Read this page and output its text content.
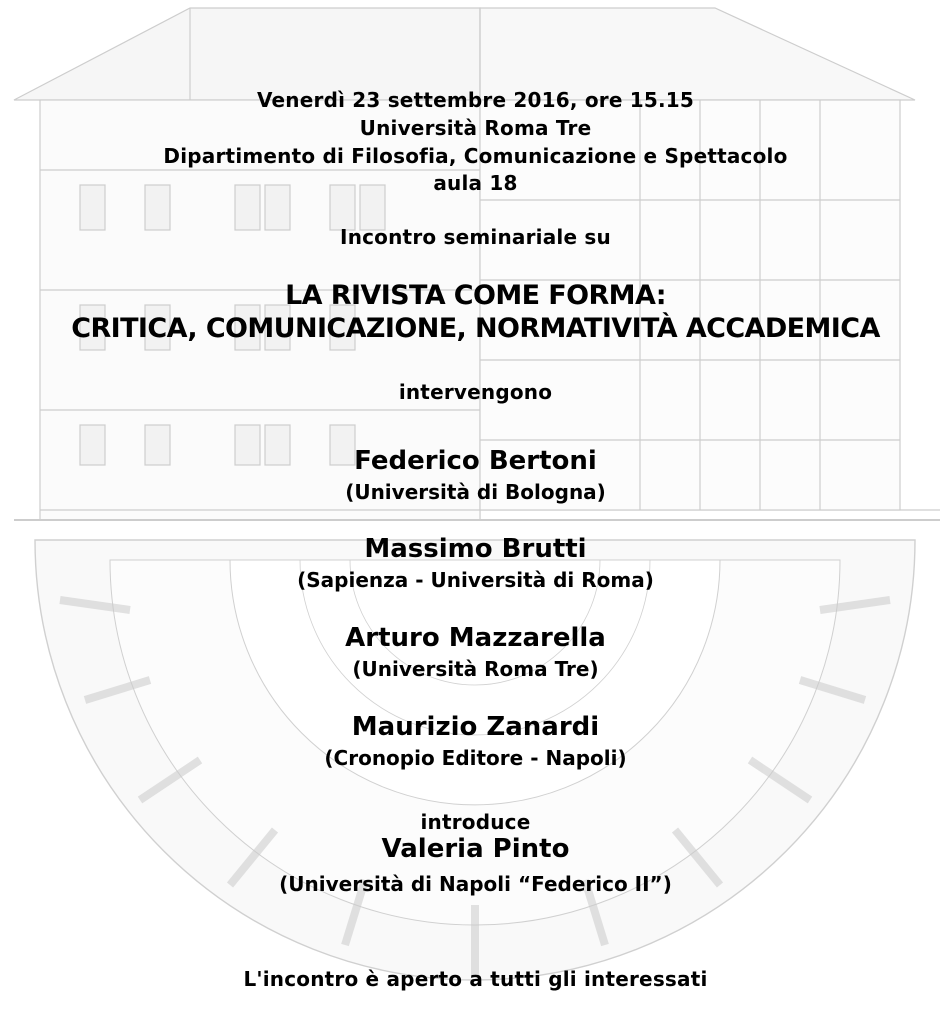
Venerdì 23 settembre 2016, ore 15.15
Università Roma Tre
Dipartimento di Filosofia, Comunicazione e Spettacolo
aula 18
Incontro seminariale su
LA RIVISTA COME FORMA:
CRITICA, COMUNICAZIONE, NORMATIVITÀ ACCADEMICA
intervengono
Federico Bertoni
(Università di Bologna)
Massimo Brutti
(Sapienza - Università di Roma)
Arturo Mazzarella
(Università Roma Tre)
Maurizio Zanardi
(Cronopio Editore - Napoli)
introduce
Valeria Pinto
(Università di Napoli “Federico II”)
L'incontro è aperto a tutti gli interessati
